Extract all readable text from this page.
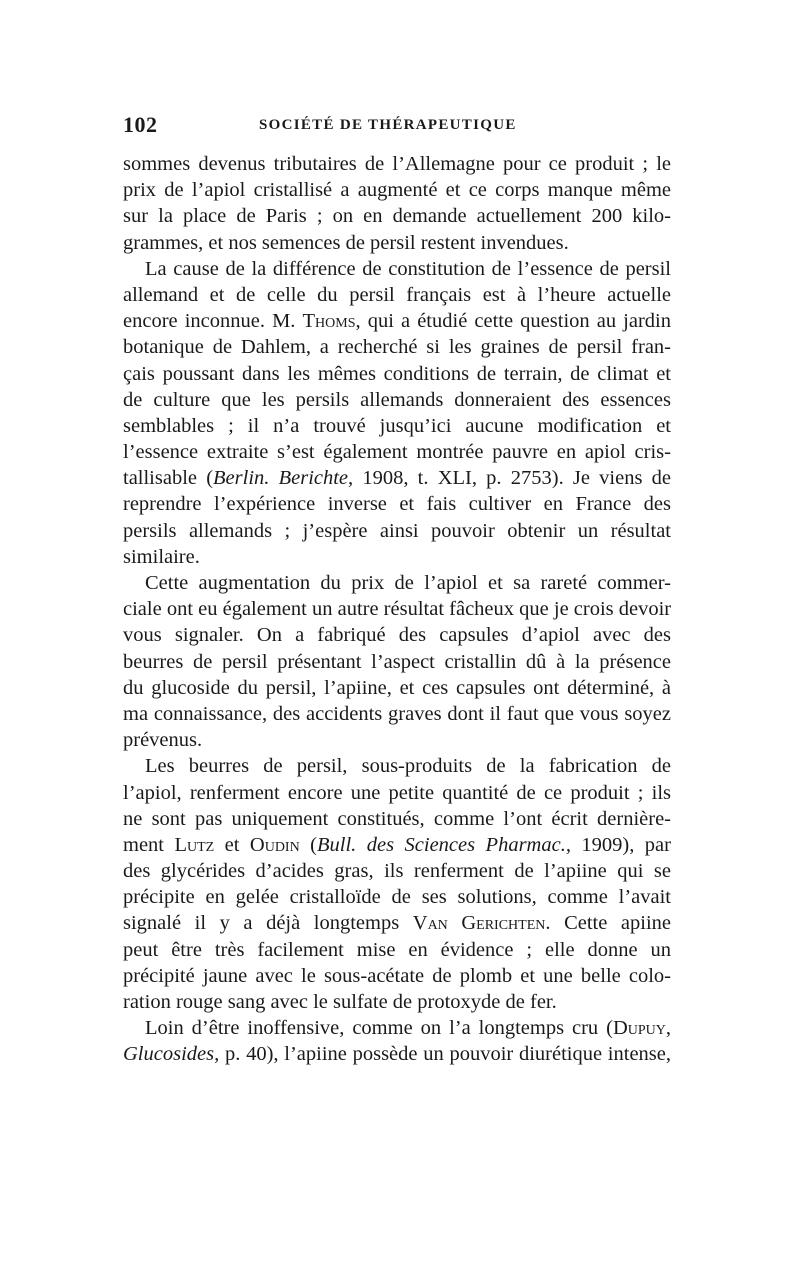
102	SOCIÉTÉ DE THÉRAPEUTIQUE
sommes devenus tributaires de l’Allemagne pour ce produit ; le
prix de l’apiol cristallisé a augmenté et ce corps manque même
sur la place de Paris ; on en demande actuellement 200 kilo-
grammes, et nos semences de persil restent invendues.
La cause de la différence de constitution de l’essence de persil
allemand et de celle du persil français est à l’heure actuelle
encore inconnue. M. Thoms, qui a étudié cette question au jardin
botanique de Dahlem, a recherché si les graines de persil fran-
çais poussant dans les mêmes conditions de terrain, de climat et
de culture que les persils allemands donneraient des essences
semblables ; il n’a trouvé jusqu’ici aucune modification et
l’essence extraite s’est également montrée pauvre en apiol cris-
tallisable (Berlin. Berichte, 1908, t. XLI, p. 2753). Je viens de
reprendre l’expérience inverse et fais cultiver en France des
persils allemands ; j’espère ainsi pouvoir obtenir un résultat
similaire.
Cette augmentation du prix de l’apiol et sa rareté commer-
ciale ont eu également un autre résultat fâcheux que je crois devoir
vous signaler. On a fabriqué des capsules d’apiol avec des
beurres de persil présentant l’aspect cristallin dû à la présence
du glucoside du persil, l’apiine, et ces capsules ont déterminé, à
ma connaissance, des accidents graves dont il faut que vous soyez
prévenus.
Les beurres de persil, sous-produits de la fabrication de
l’apiol, renferment encore une petite quantité de ce produit ; ils
ne sont pas uniquement constitués, comme l’ont écrit dernière-
ment Lutz et Oudin (Bull. des Sciences Pharmac., 1909), par
des glycérides d’acides gras, ils renferment de l’apiine qui se
précipite en gelée cristalloïde de ses solutions, comme l’avait
signalé il y a déjà longtemps Van Gerichten. Cette apiine
peut être très facilement mise en évidence ; elle donne un
précipité jaune avec le sous-acétate de plomb et une belle colo-
ration rouge sang avec le sulfate de protoxyde de fer.
Loin d’être inoffensive, comme on l’a longtemps cru (Dupuy,
Glucosides, p. 40), l’apiine possède un pouvoir diurétique intense,
